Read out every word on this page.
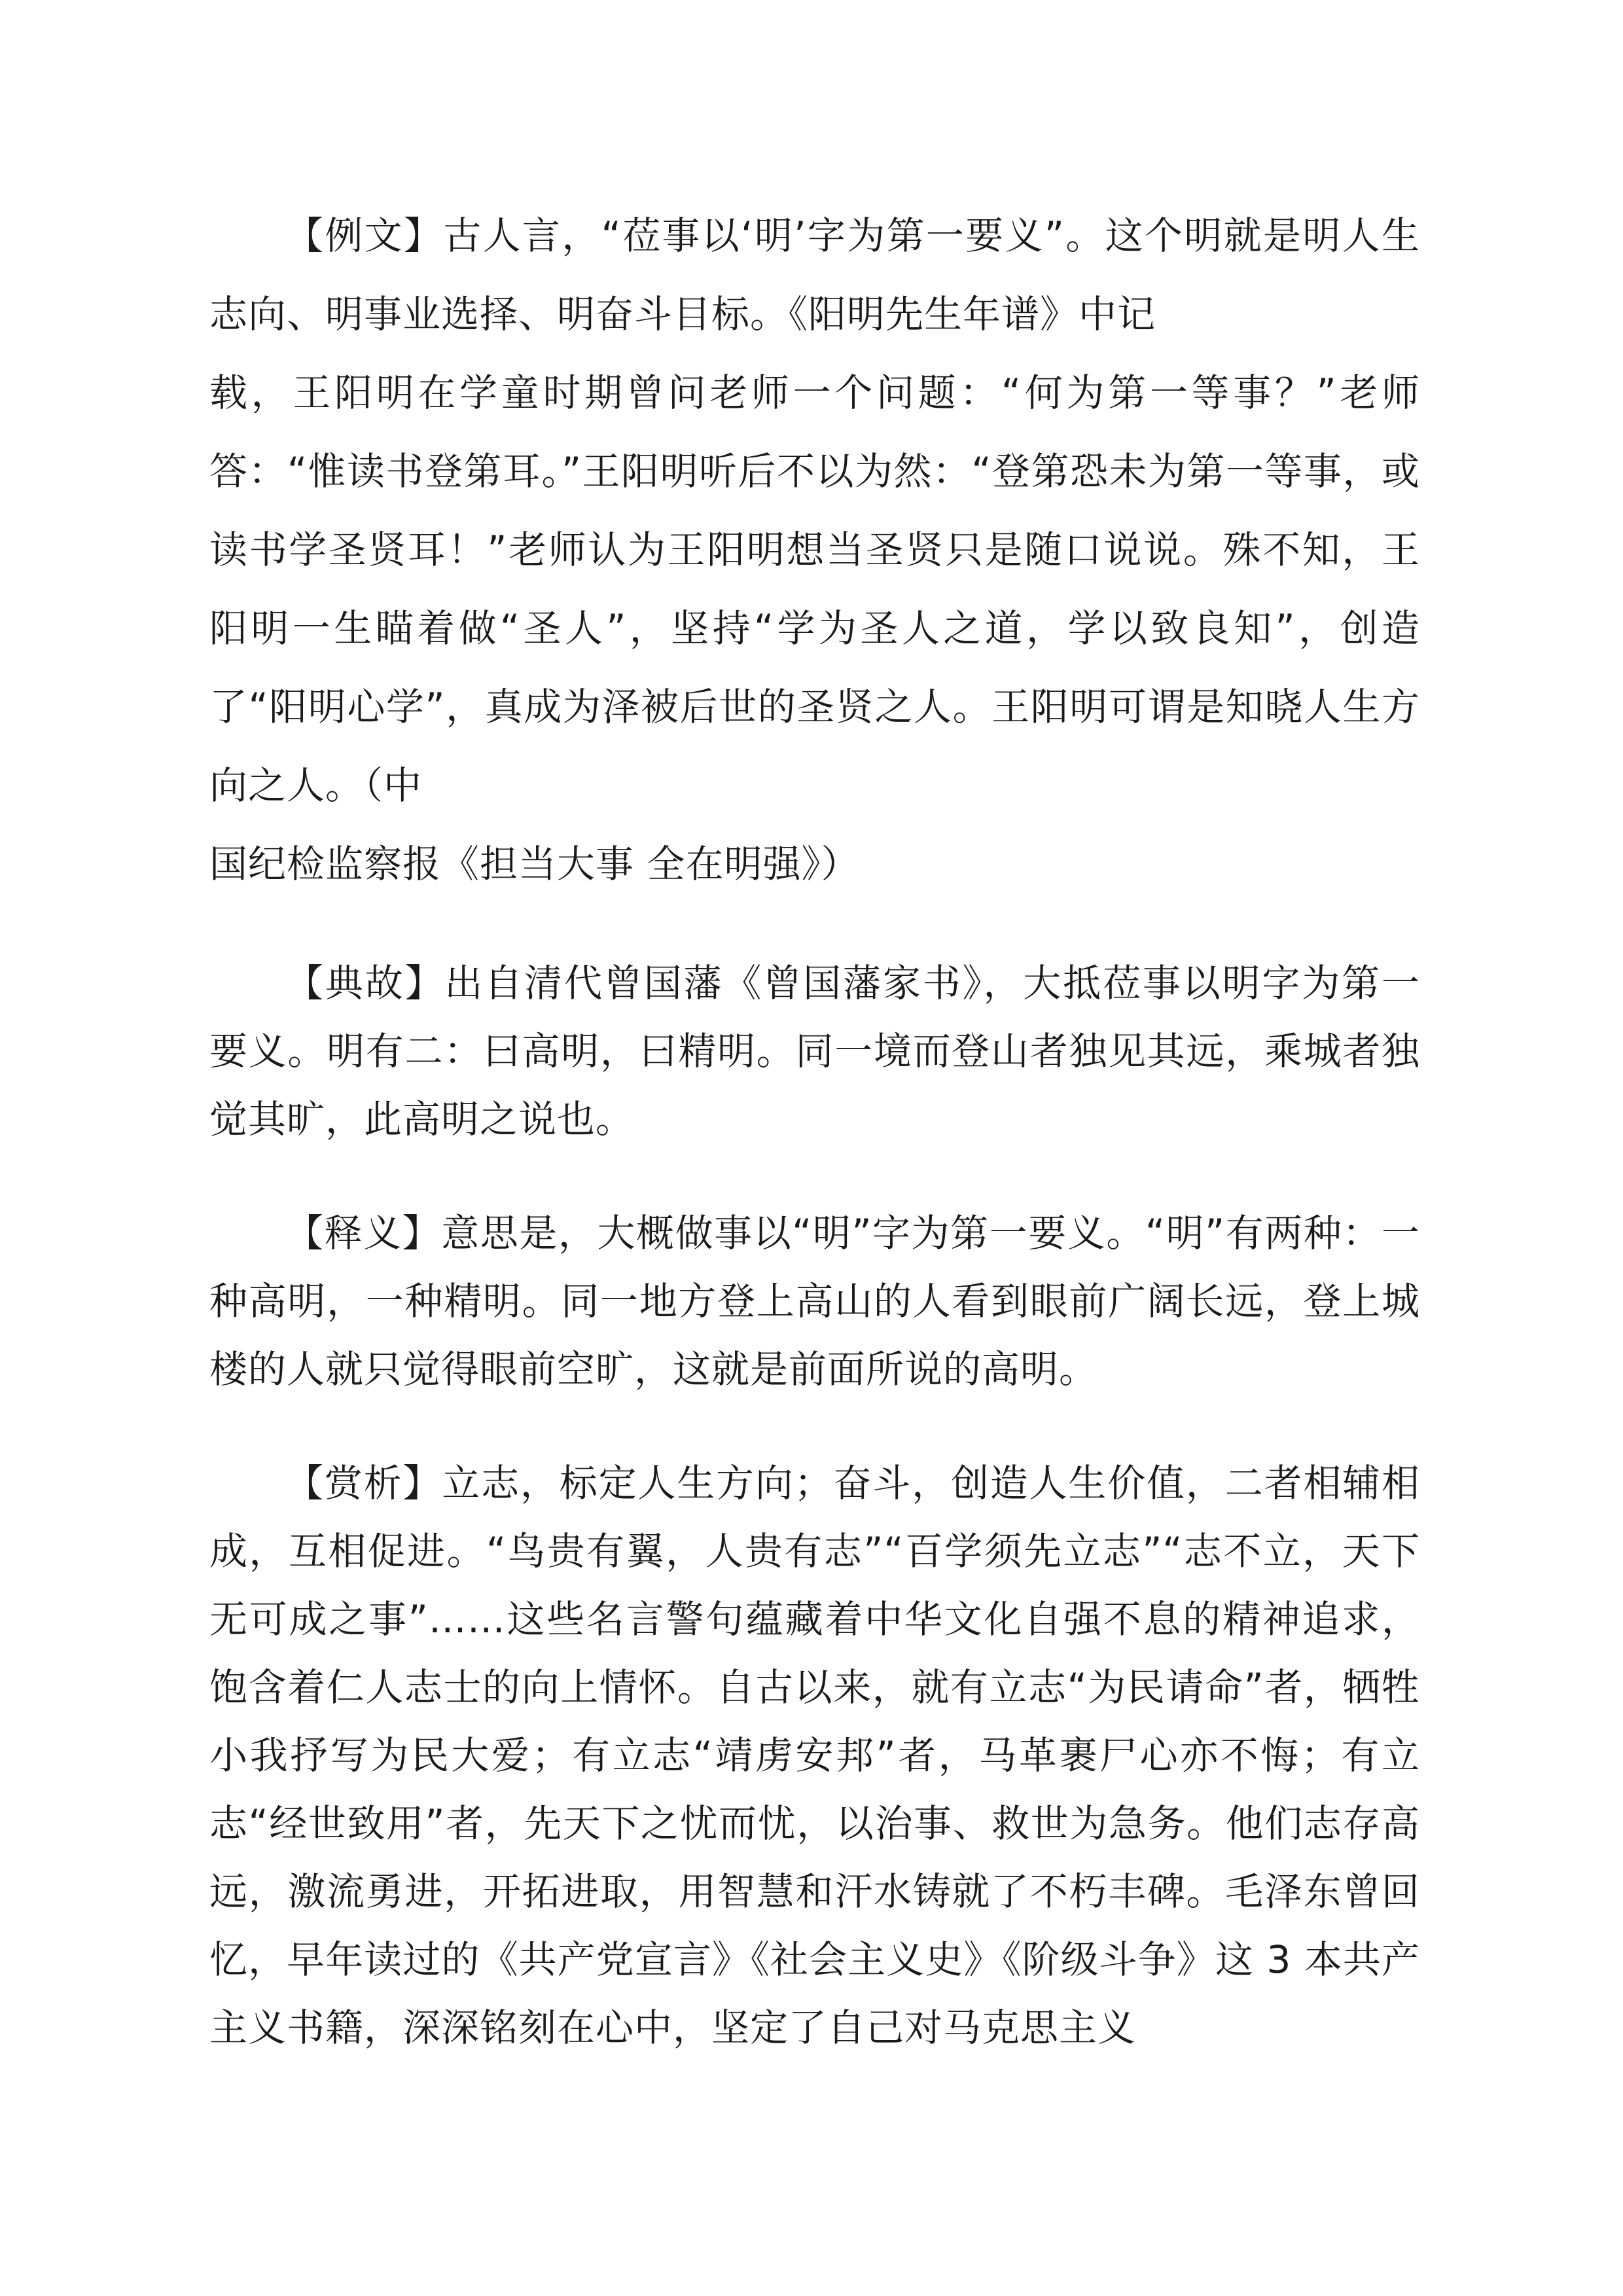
【例文】古人言，“莅事以‘明’字为第一要义”。这个明就是明人生志向、明事业选择、明奋斗目标。《阳明先生年谱》中记
载，王阳明在学童时期曾问老师一个问题：“何为第一等事？”老师答：“惟读书登第耳。”王阳明听后不以为然：“登第恐未为第一等事，或读书学圣贤耳！”老师认为王阳明想当圣贤只是随口说说。殊不知，王阳明一生瞄着做“圣人”，坚持“学为圣人之道，学以致良知”，创造了“阳明心学”，真成为泽被后世的圣贤之人。王阳明可谓是知晓人生方向之人。（中
国纪检监察报《担当大事 全在明强》）

【典故】出自清代曾国藩《曾国藩家书》，大抵莅事以明字为第一要义。明有二：曰高明，曰精明。同一境而登山者独见其远，乘城者独觉其旷，此高明之说也。

【释义】意思是，大概做事以“明”字为第一要义。“明”有两种：一种高明，一种精明。同一地方登上高山的人看到眼前广阔长远，登上城楼的人就只觉得眼前空旷，这就是前面所说的高明。

【赏析】立志，标定人生方向；奋斗，创造人生价值，二者相辅相成，互相促进。“鸟贵有翼，人贵有志”“百学须先立志”“志不立，天下无可成之事”……这些名言警句蕴藏着中华文化自强不息的精神追求，饱含着仁人志士的向上情怀。自古以来，就有立志“为民请命”者，牺牲小我抒写为民大爱；有立志“靖虏安邦”者，马革裹尸心亦不悔；有立志“经世致用”者，先天下之忧而忧，以治事、救世为急务。他们志存高远，激流勇进，开拓进取，用智慧和汗水铸就了不朽丰碑。毛泽东曾回忆，早年读过的《共产党宣言》《社会主义史》《阶级斗争》这 3 本共产主义书籍，深深铭刻在心中，坚定了自己对马克思主义
